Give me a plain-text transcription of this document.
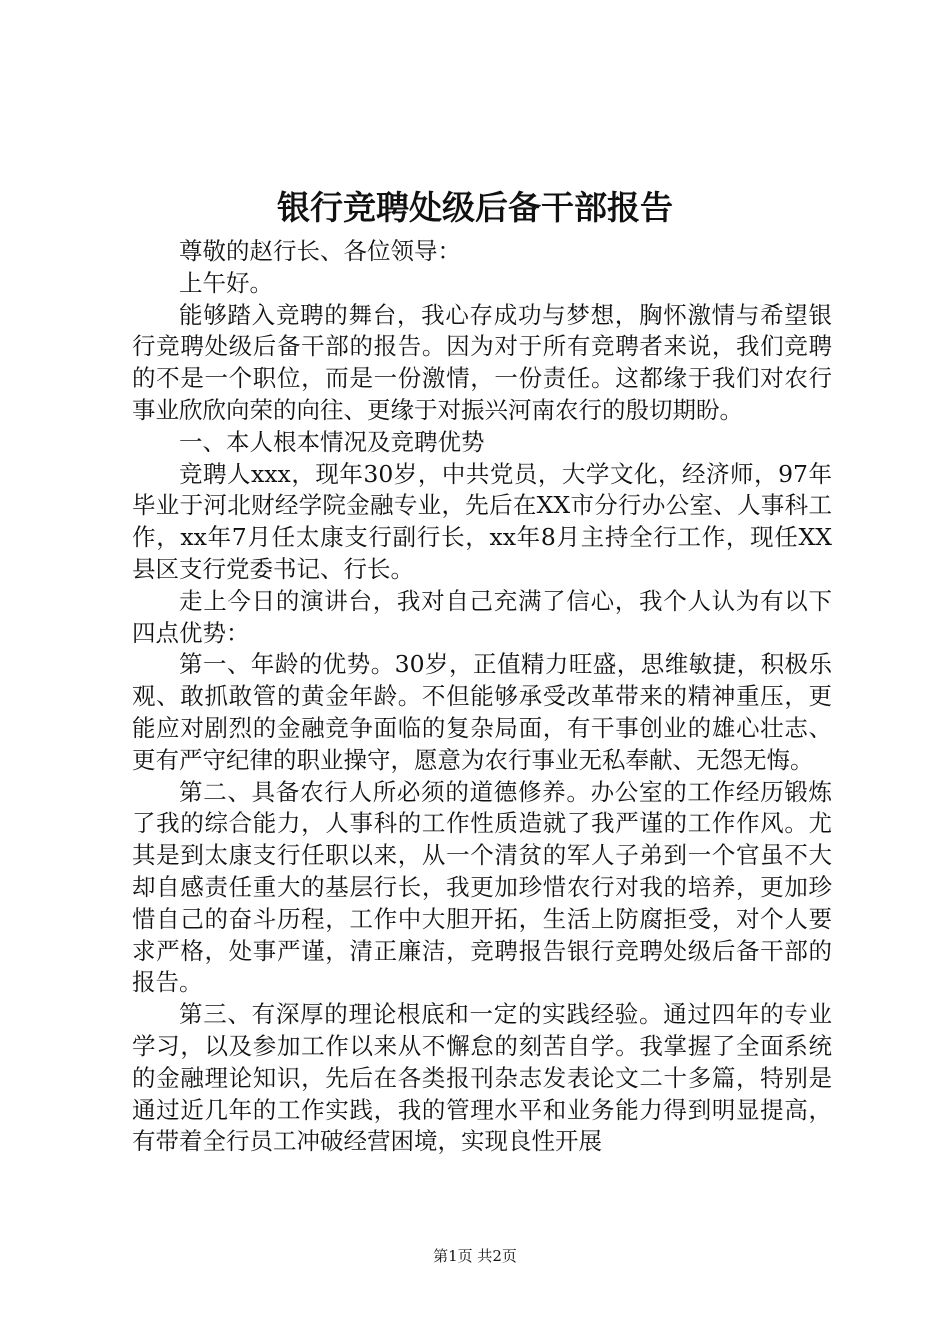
银行竞聘处级后备干部报告

尊敬的赵行长、各位领导：

上午好。

能够踏入竞聘的舞台，我心存成功与梦想，胸怀激情与希望银行竞聘处级后备干部的报告。因为对于所有竞聘者来说，我们竞聘的不是一个职位，而是一份激情，一份责任。这都缘于我们对农行事业欣欣向荣的向往、更缘于对振兴河南农行的殷切期盼。

一、本人根本情况及竞聘优势

竞聘人xxx，现年30岁，中共党员，大学文化，经济师，97年毕业于河北财经学院金融专业，先后在XX市分行办公室、人事科工作，xx年7月任太康支行副行长，xx年8月主持全行工作，现任XX县区支行党委书记、行长。

走上今日的演讲台，我对自己充满了信心，我个人认为有以下四点优势：

第一、年龄的优势。30岁，正值精力旺盛，思维敏捷，积极乐观、敢抓敢管的黄金年龄。不但能够承受改革带来的精神重压，更能应对剧烈的金融竞争面临的复杂局面，有干事创业的雄心壮志、更有严守纪律的职业操守，愿意为农行事业无私奉献、无怨无悔。

第二、具备农行人所必须的道德修养。办公室的工作经历锻炼了我的综合能力，人事科的工作性质造就了我严谨的工作作风。尤其是到太康支行任职以来，从一个清贫的军人子弟到一个官虽不大却自感责任重大的基层行长，我更加珍惜农行对我的培养，更加珍惜自己的奋斗历程，工作中大胆开拓，生活上防腐拒受，对个人要求严格，处事严谨，清正廉洁，竞聘报告银行竞聘处级后备干部的报告。

第三、有深厚的理论根底和一定的实践经验。通过四年的专业学习，以及参加工作以来从不懈怠的刻苦自学。我掌握了全面系统的金融理论知识，先后在各类报刊杂志发表论文二十多篇，特别是通过近几年的工作实践，我的管理水平和业务能力得到明显提高，有带着全行员工冲破经营困境，实现良性开展

第1页 共2页
